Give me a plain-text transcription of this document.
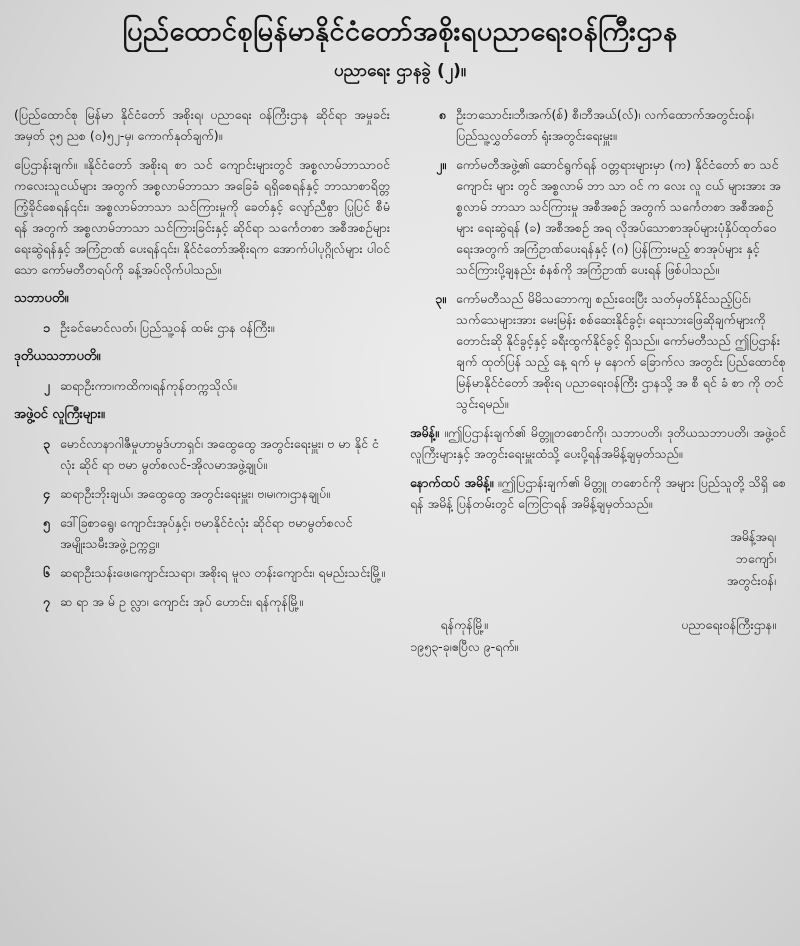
ပြည်ထောင်စုမြန်မာနိုင်ငံတော်အစိုးရပညာရေးဝန်ကြီးဌာန
ပညာရေး ဌာနခွဲ (၂)။

(ပြည်ထောင်စု မြန်မာ နိုင်ငံတော် အစိုးရ၊ ပညာရေး ဝန်ကြီးဌာန ဆိုင်ရာ အမှုခင်း အမှတ် ၃၅ ညစ (၀)၅၂-မှ၊ ကောက်နုတ်ချက်)။

ပြေဌာန်းချက်။ ။နိုင်ငံတော် အစိုးရ စာ သင် ကျောင်းများတွင် အစ္စလာမ်ဘာသာဝင်ကလေးသူငယ်များ အတွက် အစ္စလာမ်ဘာသာ အခြေခံ ရရှိစေရန်နှင့် ဘာသာစာရိတ္တ ကြံ့ခိုင်စေရန်၎င်း၊ အစ္စလာမ်ဘာသာ သင်ကြားမှုကို ခေတ်နှင့် လျော်ညီစွာ ပြုပြင် စီမံရန် အတွက် အစ္စလာမ်ဘာသာ သင်ကြားခြင်းနှင့် ဆိုင်ရာ သင်္ကေတစာ အစီအစဉ်များ ရေးဆွဲရန်နှင့် အကြံဥာဏ် ပေးရန်၎င်း၊ နိုင်ငံတော်အစိုးရက အောက်ပါပုဂ္ဂိုလ်များ ပါဝင်သော ကော်မတီတရပ်ကို ခန့်အပ်လိုက်ပါသည်။

သဘာပတိ။
၁ ဦးခင်မောင်လတ်၊ ပြည်သူ့ဝန် ထမ်း ဌာန ဝန်ကြီး။
ဒုတိယသဘာပတိ။
၂ ဆရာဦးကာ၊ကထိက၊ရန်ကုန်တက္ကသိုလ်။
အဖွဲ့ဝင် လူကြီးများ။
၃ မောင်လာနာဂါဇီမှုဟာမွဒ်ဟာရှင်၊ အထွေထွေ အတွင်းရေးမှူး၊ ဗ မာ နိုင် ငံ လုံး ဆိုင် ရာ ဗမာ မွတ်စလင်-အိုလမာအဖွဲ့ချုပ်။
၄ ဆရာဦးဘိုးချယ်၊ အထွေထွေ အတွင်းရေးမှူး၊ ဗ၊မ၊က၊ဌာနချုပ်။
၅ ဒေါ်ခြစာရွေ၊ ကျောင်းအုပ်နှင့်၊ ဗမာနိုင်ငံလုံး ဆိုင်ရာ ဗမာမွတ်စလင် အမျိုးသမီးအဖွဲ့ဥက္ကဋ္ဌ။
၆ ဆရာဦးသန်းဖေ၊ကျောင်းသရာ၊ အစိုးရ မူလ တန်းကျောင်း၊ ရမည်းသင်းမြို့။
၇ ဆ ရာ အ မ် ဥ လ္လာ၊ ကျောင်း အုပ် ဟောင်း၊ ရန်ကုန်မြို့။
၈ ဦးဘသောင်း၊ဘီ၊အက်(စ်) စီ၊ဘီအယ်(လ်)၊ လက်ထောက်အတွင်းဝန်၊ ပြည်သူ့လွှတ်တော် ရုံးအတွင်းရေးမှူး။
၂။ ကော်မတီအဖွဲ့၏ ဆောင်ရွက်ရန် ဝတ္တရားများမှာ (က) နိုင်ငံတော် စာ သင် ကျောင်း များ တွင် အစ္စလာမ် ဘာ သာ ဝင် က လေး လူ ငယ် များအား အစ္စလာမ် ဘာသာ သင်ကြားမှု အစီအစဉ် အတွက် သင်္ကေတစာ အစီအစဉ်များ ရေးဆွဲရန် (ခ) အစီအစဉ် အရ လိုအပ်သောစာအုပ်များပုံနှိပ်ထုတ်ဝေရေးအတွက် အကြံဥာဏ်ပေးရန်နှင့် (ဂ) ပြန်ကြားမည့် စာအုပ်များ နှင့် သင်ကြားပို့ချနည်း စံနစ်ကို အကြံဥာဏ် ပေးရန် ဖြစ်ပါသည်။
၃။ ကော်မတီသည် မိမိသဘောကျ စည်းဝေးပြီး သတ်မှတ်နိုင်သည့်ပြင်၊ သက်သေများအား မေးမြန်း စစ်ဆေးနိုင်ခွင့်၊ ရေးသားဖြေဆိုချက်များကို တောင်းဆို နိုင်ခွင့်နှင့် ခရီးထွက်နိုင်ခွင့် ရှိသည်။ ကော်မတီသည် ဤပြဌာန်း ချက် ထုတ်ပြန် သည့် နေ့ ရက် မှ နောက် ခြောက်လ အတွင်း ပြည်ထောင်စု မြန်မာနိုင်ငံတော် အစိုးရ ပညာရေးဝန်ကြီး ဌာနသို့ အ စီ ရင် ခံ စာ ကို တင်သွင်းရမည်။

အမိန့်။ ။ဤပြဌာန်းချက်၏ မိတ္တူတစောင်ကို၊ သဘာပတိ၊ ဒုတိယသဘာပတိ၊ အဖွဲ့ဝင် လူကြီးများနှင့် အတွင်းရေးမှူးထံသို့ ပေးပို့ရန်အမိန့်ချမှတ်သည်။

နောက်ထပ် အမိန့်။ ။ဤပြဌာန်းချက်၏ မိတ္တူ တစောင်ကို အများ ပြည်သူတို့ သိရှိ စေရန် အမိန့် ပြန်တမ်းတွင် ကြေငြာရန် အမိန့်ချမှတ်သည်။

အမိန့်အရ၊
ဘကျော်၊
အတွင်းဝန်၊
ရန်ကုန်မြို့။
၁၉၅၃-ခု၊ဧပြီလ ၉-ရက်။
ပညာရေးဝန်ကြီးဌာန။
